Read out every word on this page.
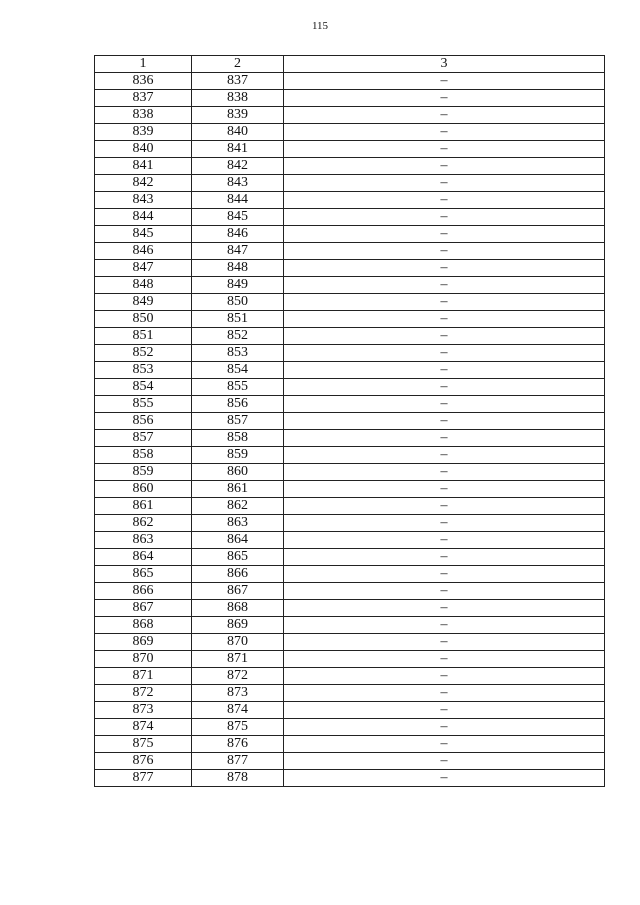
115
1	2	3
836	837	–
837	838	–
838	839	–
839	840	–
840	841	–
841	842	–
842	843	–
843	844	–
844	845	–
845	846	–
846	847	–
847	848	–
848	849	–
849	850	–
850	851	–
851	852	–
852	853	–
853	854	–
854	855	–
855	856	–
856	857	–
857	858	–
858	859	–
859	860	–
860	861	–
861	862	–
862	863	–
863	864	–
864	865	–
865	866	–
866	867	–
867	868	–
868	869	–
869	870	–
870	871	–
871	872	–
872	873	–
873	874	–
874	875	–
875	876	–
876	877	–
877	878	–
